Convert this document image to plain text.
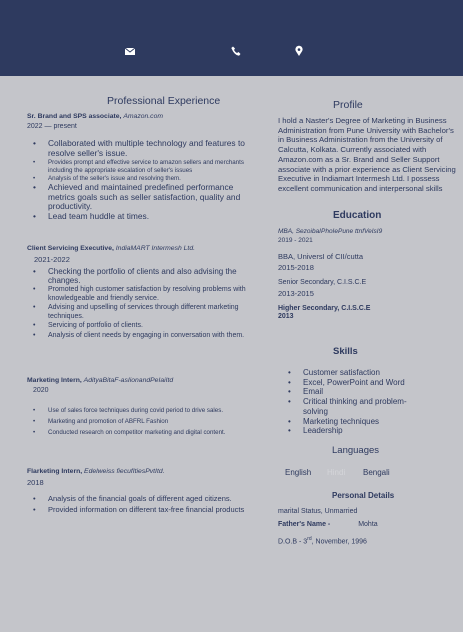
Professional Experience
Sr. Brand and SPS associate, Amazon.com
2022 — present
• Collaborated with multiple technology and features to resolve seller's issue.
• Provides prompt and effective service to amazon sellers and merchants including the appropriate escalation of seller's issues
• Analysis of the seller's issue and resolving them.
• Achieved and maintained predefined performance metrics goals such as seller satisfaction, quality and productivity.
• Lead team huddle at times.
Client Servicing Executive, IndiaMART Intermesh Ltd.
2021-2022
• Checking the portfolio of clients and also advising the changes.
• Promoted high customer satisfaction by resolving problems with knowledgeable and friendly service.
• Advising and upselling of services through different marketing techniques.
• Servicing of portfolio of clients.
• Analysis of client needs by engaging in conversation with them.
Marketing Intern, AdityaBitaF-asIionandPeIaiItd
2020
• Use of sales force techniques during covid period to drive sales.
• Marketing and promotion of ABFRL Fashion
• Conducted research on competitor marketing and digital content.
Flarketing Intern, Edelweiss fiecufItiesPvtItd.
2018
• Analysis of the financial goals of different aged citizens.
• Provided information on different tax-free financial products
Profile
I hold a Naster's Degree of Marketing in Business Administration from Pune University with Bachelor's in Business Administration from the University of Calcutta, Kolkata. Currently associated with Amazon.com as a Sr. Brand and Seller Support associate with a prior experience as Client Servicing Executive in Indiamart Intermesh Ltd. I possess excellent communication and interpersonal skills
Education
MBA, SezoibaIPhoIePune ttnfVeIsI9
2019 - 2021
BBA, UniversI of CII/cutta
2015-2018
Senior Secondary, C.I.S.C.E
2013-2015
Higher Secondary, C.I.S.C.E
2013
Skills
• Customer satisfaction
• Excel, PowerPoint and Word
• Email
• Critical thinking and problem-solving
• Marketing techniques
• Leadership
Languages
English Hindi Bengali
Personal Details
marital Status, Unmarried
Father's Name -	Mohta
D.O.B - 3rd, November, 1996
